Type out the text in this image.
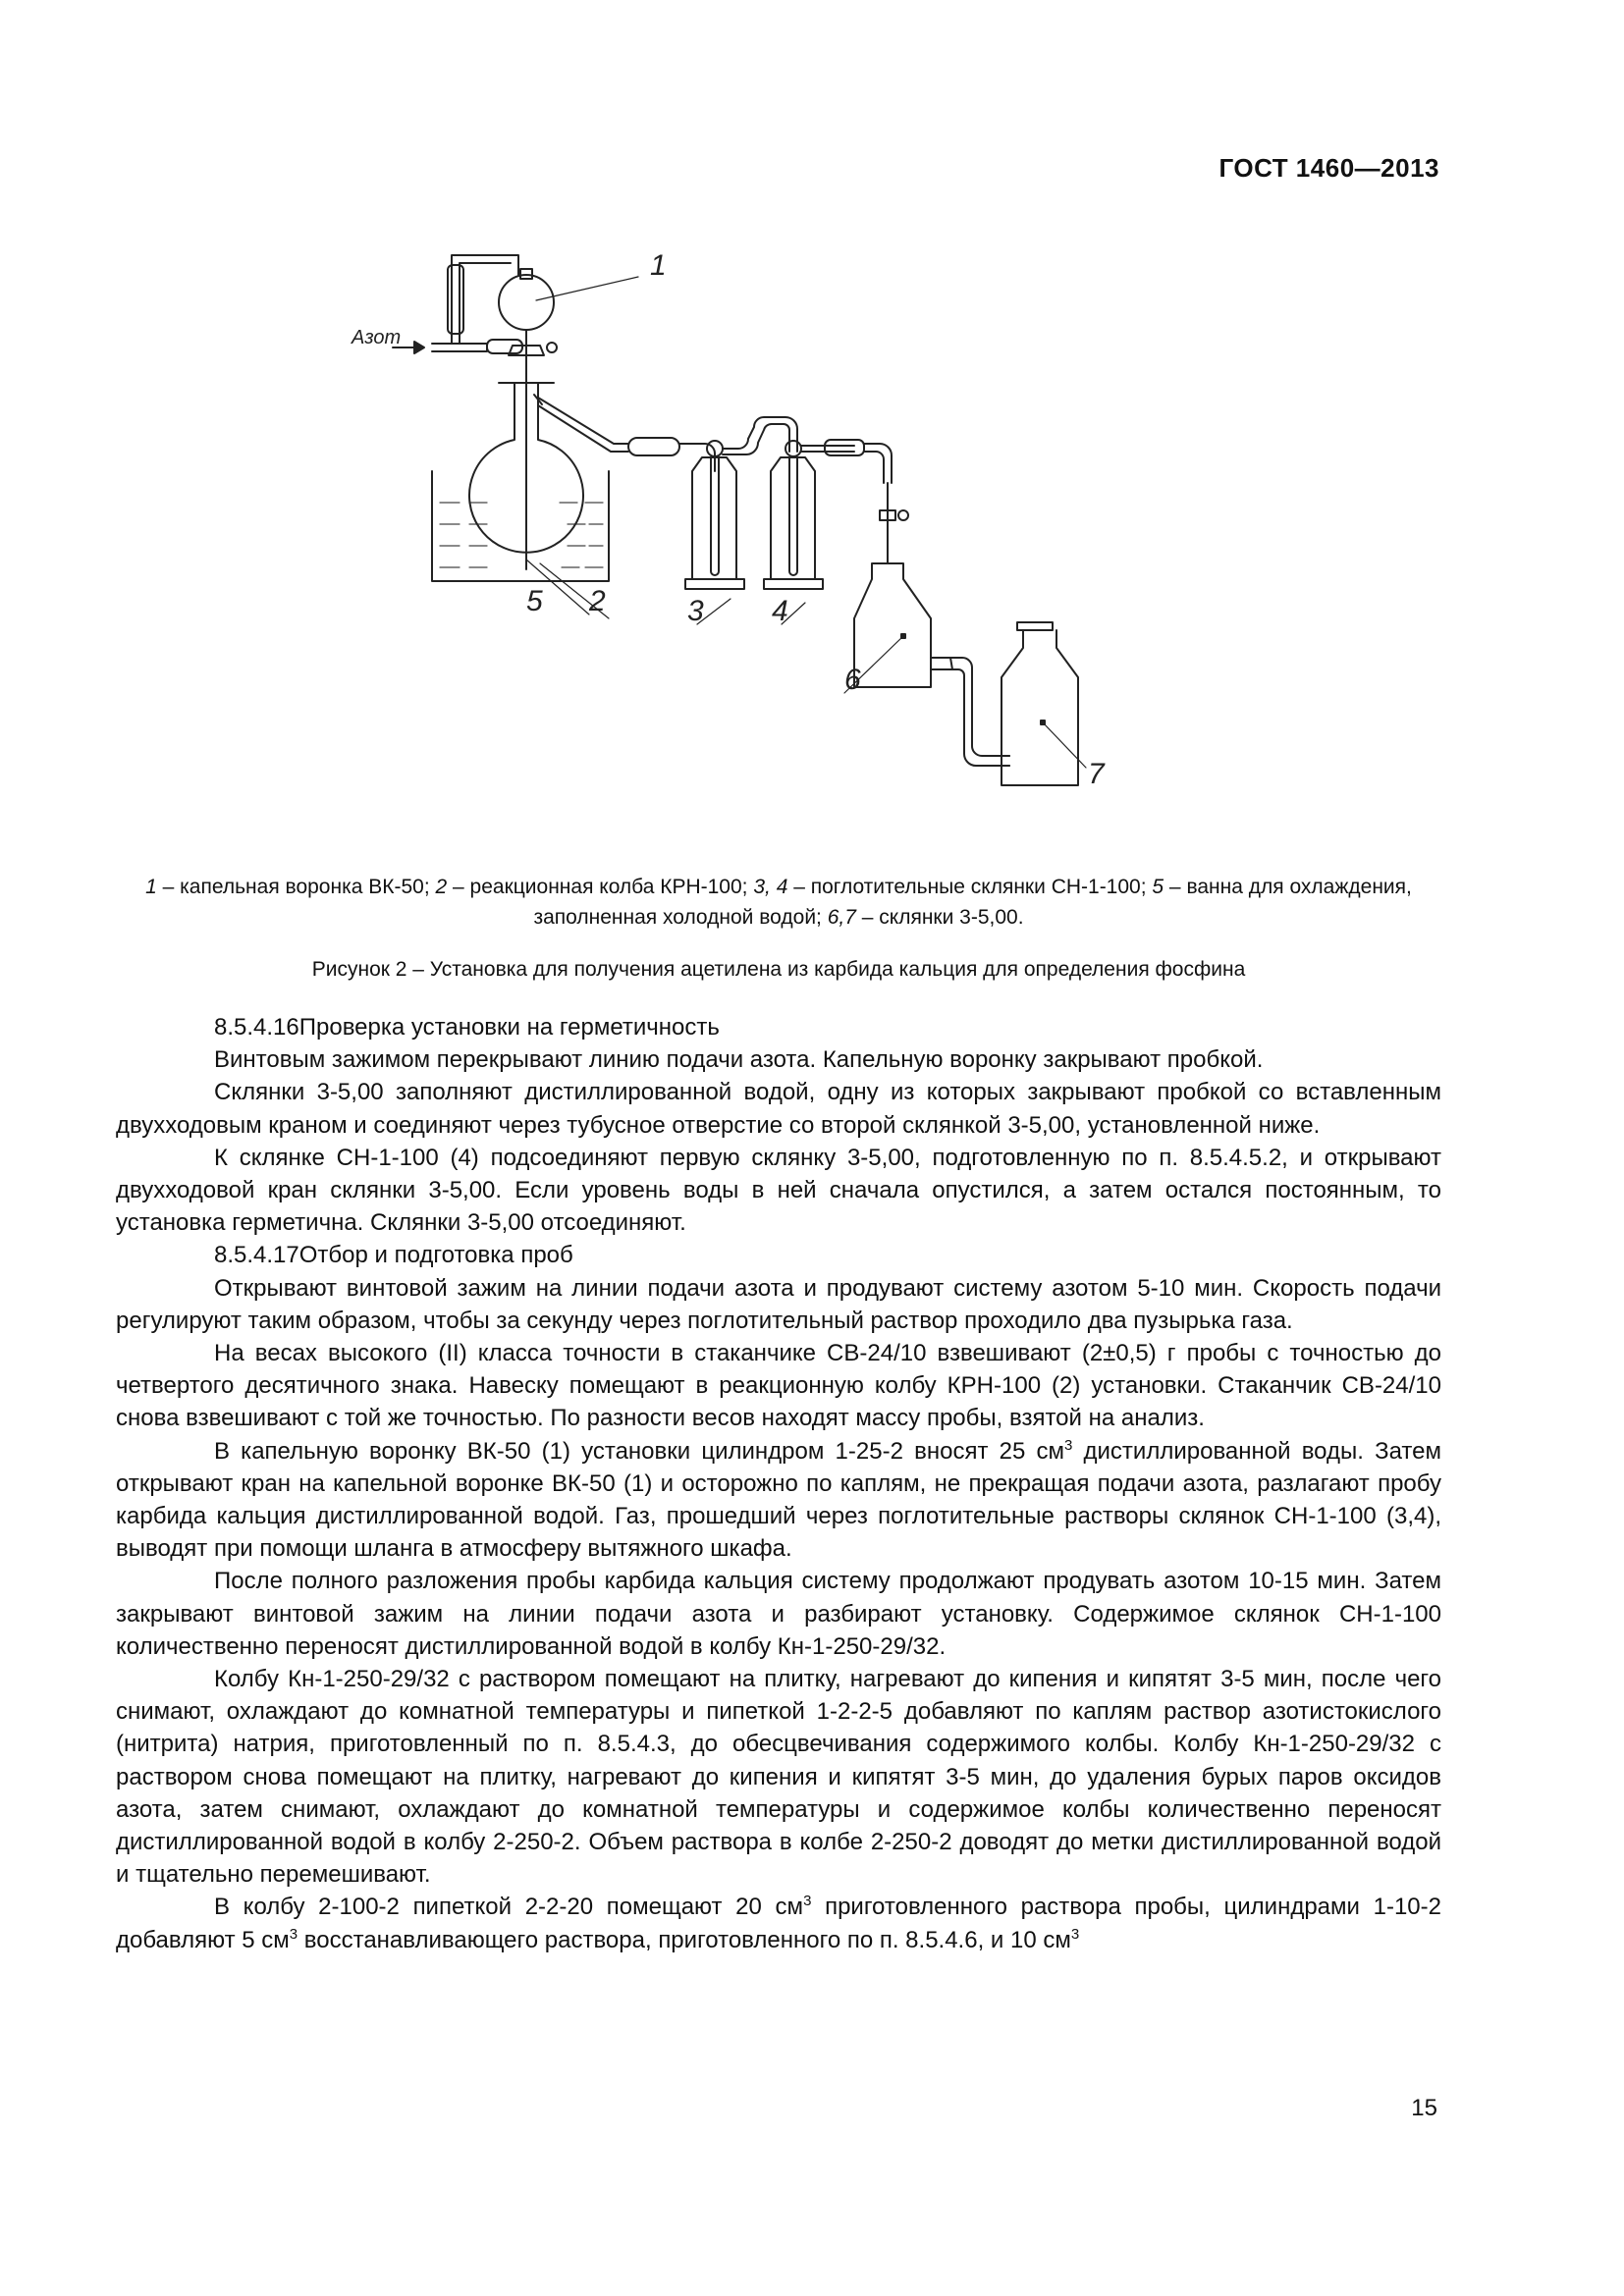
ГОСТ 1460—2013
Азот
1
2	3 4
5
6
7
1 – капельная воронка ВК-50; 2 – реакционная колба КРН-100; 3, 4 – поглотительные склянки СН-1-100; 5 – ванна для охлаждения, заполненная холодной водой; 6,7 – склянки 3-5,00.
Рисунок 2 – Установка для получения ацетилена из карбида кальция для определения фосфина

8.5.4.16Проверка установки на герметичность

Винтовым зажимом перекрывают линию подачи азота. Капельную воронку закрывают пробкой.

Склянки 3-5,00 заполняют дистиллированной водой, одну из которых закрывают пробкой со вставленным двухходовым краном и соединяют через тубусное отверстие со второй склянкой 3-5,00, установленной ниже.

К склянке СН-1-100 (4) подсоединяют первую склянку 3-5,00, подготовленную по п. 8.5.4.5.2, и открывают двухходовой кран склянки 3-5,00. Если уровень воды в ней сначала опустился, а затем остался постоянным, то установка герметична. Склянки 3-5,00 отсоединяют.

8.5.4.17Отбор и подготовка проб

Открывают винтовой зажим на линии подачи азота и продувают систему азотом 5-10 мин. Скорость подачи регулируют таким образом, чтобы за секунду через поглотительный раствор проходило два пузырька газа.

На весах высокого (II) класса точности в стаканчике СВ-24/10 взвешивают (2±0,5) г пробы с точностью до четвертого десятичного знака. Навеску помещают в реакционную колбу КРН-100 (2) установки. Стаканчик СВ-24/10 снова взвешивают с той же точностью. По разности весов находят массу пробы, взятой на анализ.

В капельную воронку ВК-50 (1) установки цилиндром 1-25-2 вносят 25 $см^3$ дистиллированной воды. Затем открывают кран на капельной воронке ВК-50 (1) и осторожно по каплям, не прекращая подачи азота, разлагают пробу карбида кальция дистиллированной водой. Газ, прошедший через поглотительные растворы склянок СН-1-100 (3,4), выводят при помощи шланга в атмосферу вытяжного шкафа.

После полного разложения пробы карбида кальция систему продолжают продувать азотом 10-15 мин. Затем закрывают винтовой зажим на линии подачи азота и разбирают установку. Содержимое склянок СН-1-100 количественно переносят дистиллированной водой в колбу Кн-1-250-29/32.

Колбу Кн-1-250-29/32 с раствором помещают на плитку, нагревают до кипения и кипятят 3-5 мин, после чего снимают, охлаждают до комнатной температуры и пипеткой 1-2-2-5 добавляют по каплям раствор азотистокислого (нитрита) натрия, приготовленный по п. 8.5.4.3, до обесцвечивания содержимого колбы. Колбу Кн-1-250-29/32 с раствором снова помещают на плитку, нагревают до кипения и кипятят 3-5 мин, до удаления бурых паров оксидов азота, затем снимают, охлаждают до комнатной температуры и содержимое колбы количественно переносят дистиллированной водой в колбу 2-250-2. Объем раствора в колбе 2-250-2 доводят до метки дистиллированной водой и тщательно перемешивают.

В колбу 2-100-2 пипеткой 2-2-20 помещают 20 $см^3$ приготовленного раствора пробы, цилиндрами 1-10-2 добавляют 5 $см^3$ восстанавливающего раствора, приготовленного по п. 8.5.4.6, и 10 $см^3$

15
